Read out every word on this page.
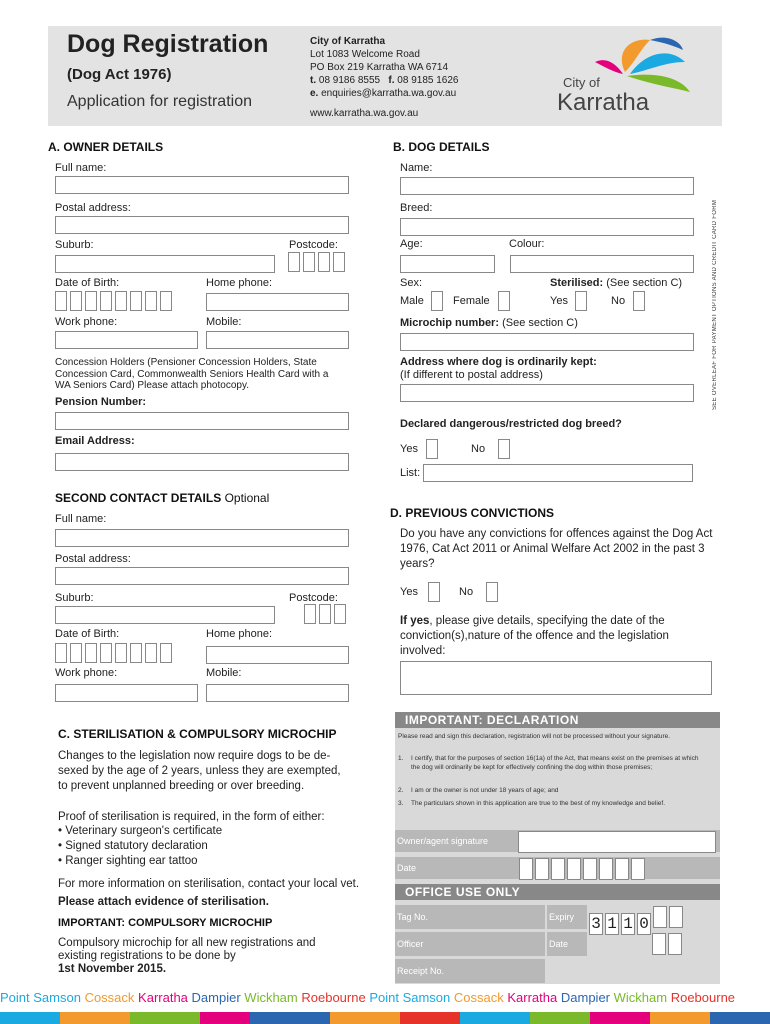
Dog Registration
(Dog Act 1976)
Application for registration
City of Karratha
Lot 1083 Welcome Road
PO Box 219 Karratha WA 6714
t. 08 9186 8555 f. 08 9185 1626
e. enquiries@karratha.wa.gov.au
www.karratha.wa.gov.au
City of
Karratha
SEE OVERLEAF FOR PAYMENT OPTIONS AND CREDIT CARD FORM
A. OWNER DETAILS
Full name:
Postal address:
Suburb:	Postcode:
Date of Birth:	Home phone:
Work phone:	Mobile:
Concession Holders (Pensioner Concession Holders, State Concession Card, Commonwealth Seniors Health Card with a WA Seniors Card) Please attach photocopy.
Pension Number:
Email Address:
SECOND CONTACT DETAILS Optional
Full name:
Postal address:
Suburb:	Postcode:
Date of Birth:	Home phone:
Work phone:	Mobile:
B. DOG DETAILS
Name:
Breed:
Age:	Colour:
Sex:	Sterilised: (See section C)
Male	Female	Yes	No
Microchip number: (See section C)
Address where dog is ordinarily kept:
(If different to postal address)
Declared dangerous/restricted dog breed?
Yes	No
List:
D. PREVIOUS CONVICTIONS
Do you have any convictions for offences against the Dog Act 1976, Cat Act 2011 or Animal Welfare Act 2002 in the past 3 years?
Yes	No
If yes, please give details, specifying the date of the conviction(s),nature of the offence and the legislation involved:
C. STERILISATION & COMPULSORY MICROCHIP
Changes to the legislation now require dogs to be de-sexed by the age of 2 years, unless they are exempted, to prevent unplanned breeding or over breeding.
Proof of sterilisation is required, in the form of either:
• Veterinary surgeon's certificate
• Signed statutory declaration
• Ranger sighting ear tattoo
For more information on sterilisation, contact your local vet. Please attach evidence of sterilisation.
IMPORTANT: COMPULSORY MICROCHIP
Compulsory microchip for all new registrations and existing registrations to be done by
1st November 2015.
IMPORTANT: DECLARATION
Please read and sign this declaration, registration will not be processed without your signature.
1. I certify, that for the purposes of section 16(1a) of the Act, that means exist on the premises at which the dog will ordinarily be kept for effectively confining the dog within those premises;
2. I am or the owner is not under 18 years of age; and
3. The particulars shown in this application are true to the best of my knowledge and belief.
Owner/agent signature
Date
OFFICE USE ONLY
Tag No.	Expiry 3 1 1 0
Officer	Date
Receipt No.
Point Samson Cossack Karratha Dampier Wickham Roebourne Point Samson Cossack Karratha Dampier Wickham Roebourne
